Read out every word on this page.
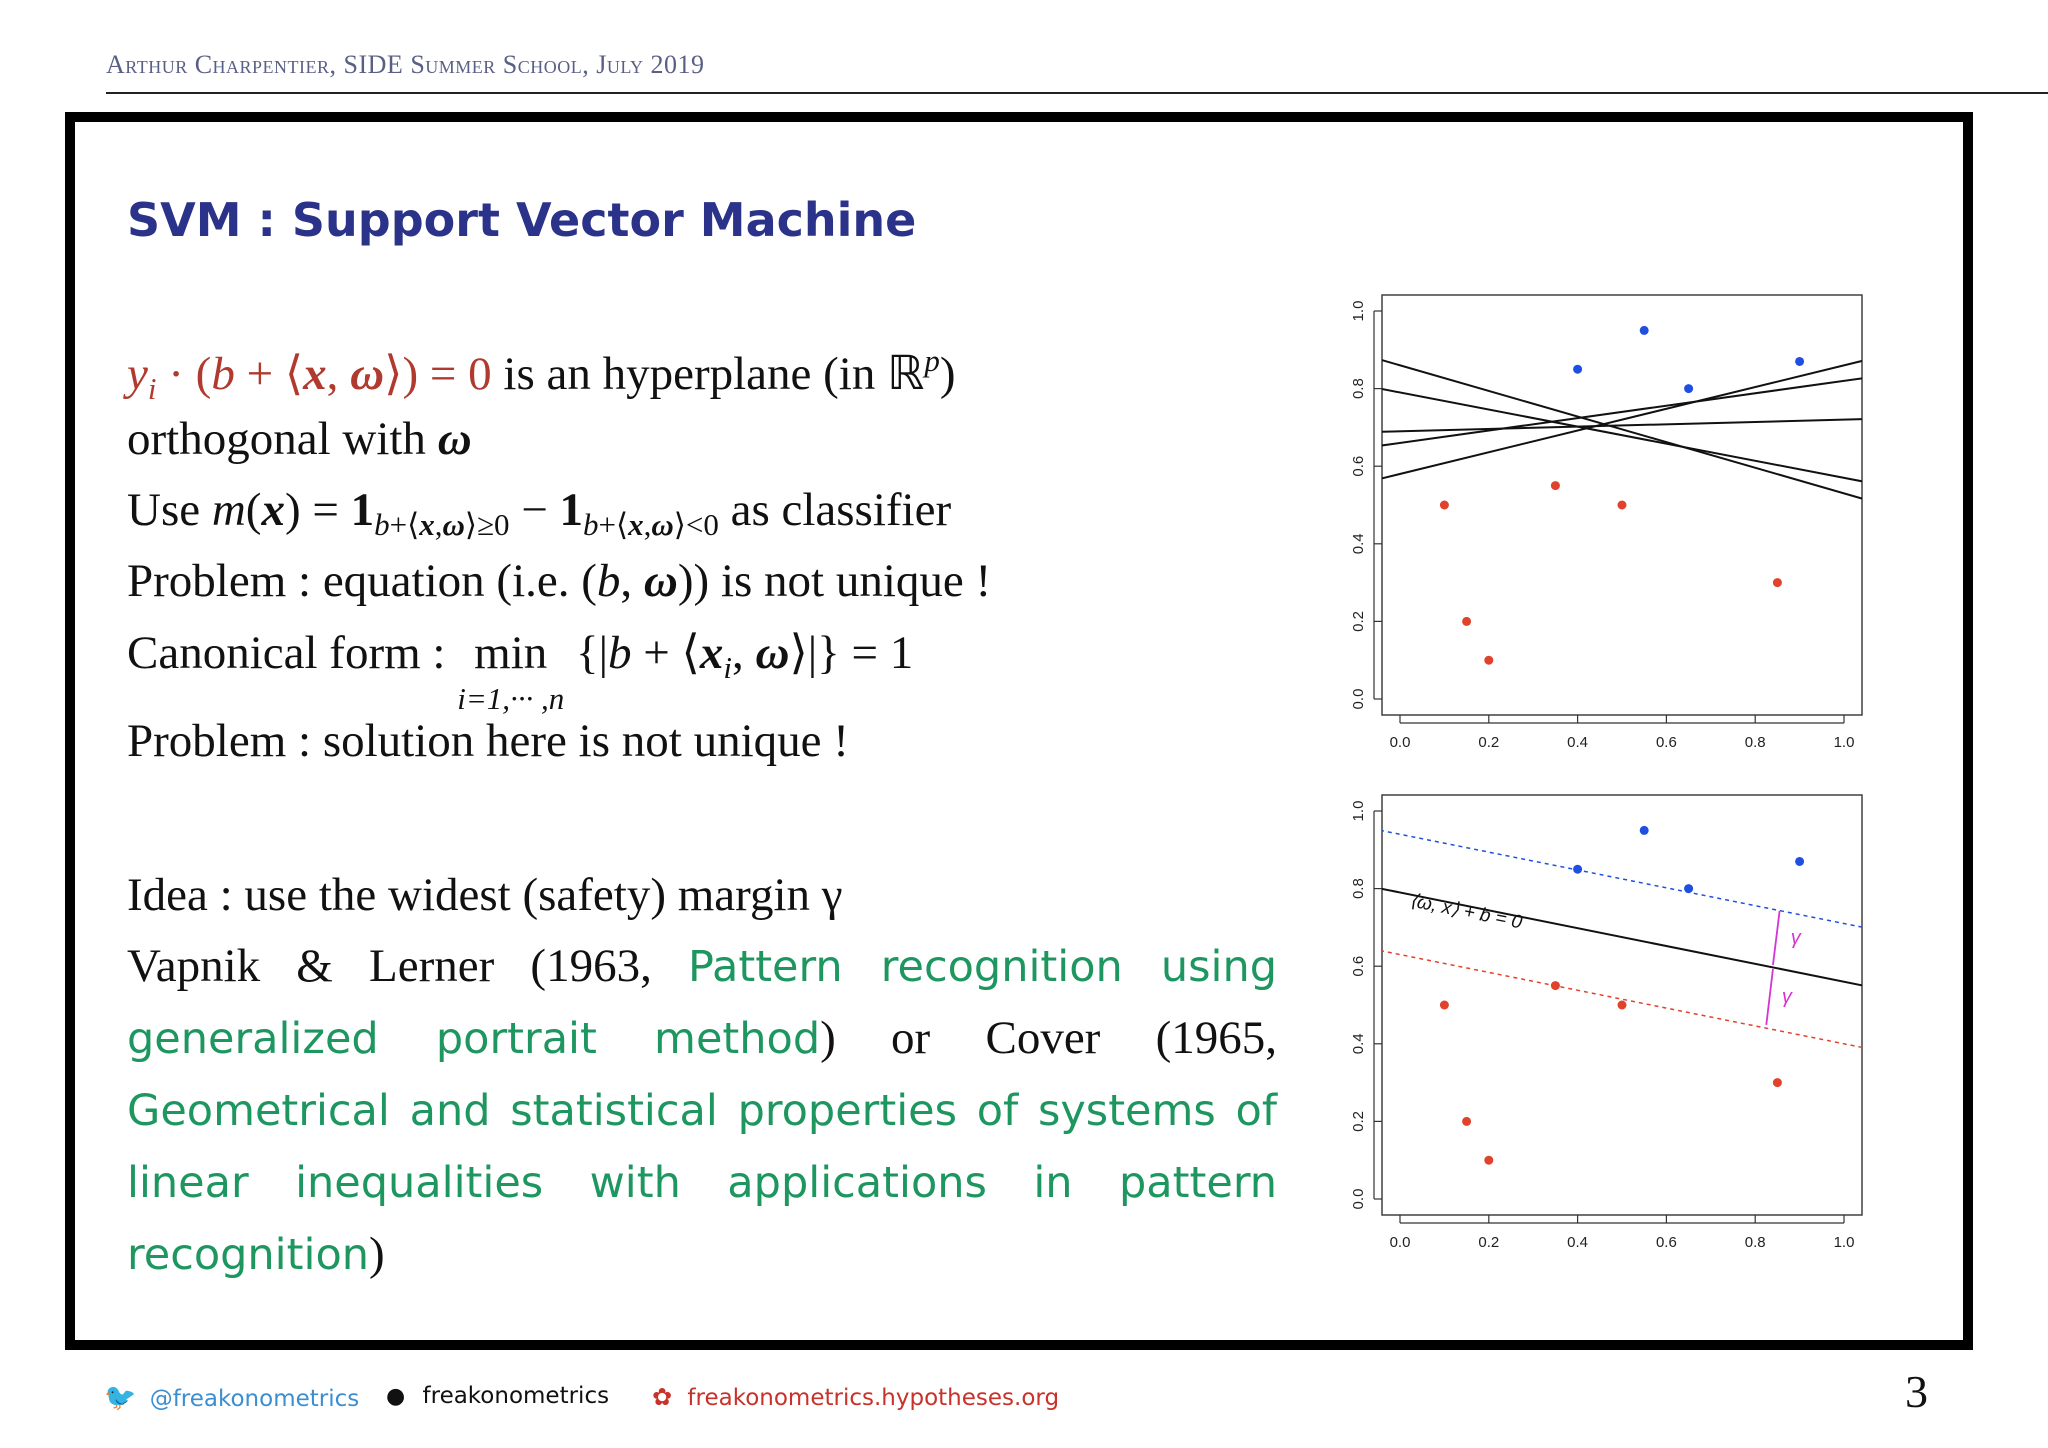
Arthur Charpentier, SIDE Summer School, July 2019
SVM : Support Vector Machine
$y_i \cdot (b$ + ⟨x, ω⟩) = 0 is an hyperplane (in ℝ$^p$)
orthogonal with ω
Use $m(x) = 1_{b+⟨x,\omega⟩\ge 0} - 1_{b+⟨x,\omega⟩<0}$ as classifier
Problem : equation (i.e. (b, ω)) is not unique !
Canonical form : min
i=1,··· ,n
{$|b + ⟨x_i$, ω⟩|} = 1
Problem : solution here is not unique !
Idea : use the widest (safety) margin γ
Vapnik & Lerner (1963, Pattern recognition using generalized portrait method) or Cover (1965, Geometrical and statistical properties of systems of linear inequalities with applications in pattern recognition)
0.0	0.2	0.4	0.6	0.8	1.0
0.0
0.2
0.4
0.6
0.8
1.0
0.0	0.2	0.4	0.6	0.8	1.0
0.0
0.2
0.4
0.6
0.8
1.0
⟨ω, x⟩ + b = 0
γ
γ
🐦 @freakonometrics ● freakonometrics ✿ freakonometrics.hypotheses.org	3
